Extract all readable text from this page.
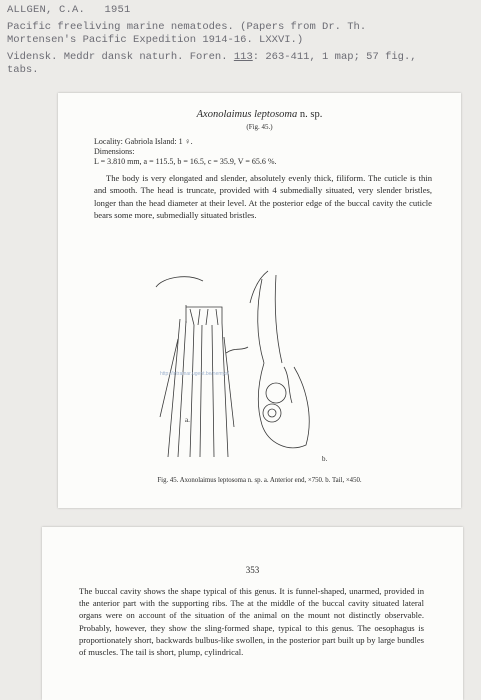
ALLGEN, C.A. 1951
Pacific freeliving marine nematodes. (Papers from Dr. Th.
Mortensen's Pacific Expedition 1914-16. LXXVI.)
Vidensk. Meddr dansk naturh. Foren. 113: 263-411, 1 map; 57 fig.,
tabs.
Axonolaimus leptosoma n. sp.
(Fig. 45.)
Locality: Gabriola Island: 1 ♀.
Dimensions:
L = 3.810 mm, a = 115.5, b = 16.5, c = 35.9, V = 65.6 %.

The body is very elongated and slender, absolutely evenly thick, filiform. The cuticle is thin and smooth. The head is truncate, provided with 4 submedially situated, very slender bristles, longer than the head diameter at their level. At the posterior edge of the buccal cavity the cuticle bears some more, submedially situated bristles.

a.
b.
http://intramar.ugent.be/nemys/
Fig. 45. Axonolaimus leptosoma n. sp. a. Anterior end, ×750. b. Tail, ×450.
353

The buccal cavity shows the shape typical of this genus. It is funnel-shaped, unarmed, provided in the anterior part with the supporting ribs. The at the middle of the buccal cavity situated lateral organs were on account of the situation of the animal on the mount not distinctly observable. Probably, however, they show the sling-formed shape, typical to this genus. The oesophagus is proportionately short, backwards bulbus-like swollen, in the posterior part built up by large bundles of muscles. The tail is short, plump, cylindrical.
